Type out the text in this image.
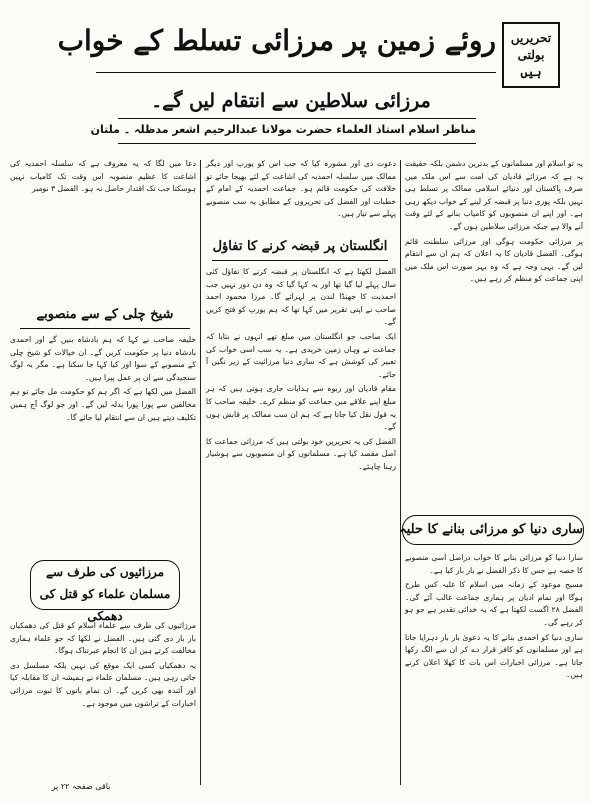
تحریریں
بولتی
ہیں
روئے زمین پر مرزائی تسلط کے خواب
مرزائی سلاطین سے انتقام لیں گے۔
مناظر اسلام استاذ العلماء حضرت مولانا عبدالرحیم اشعر مدظلہ ۔ ملتان

یہ تو اسلام اور مسلمانوں کے بدترین دشمن بلکہ حقیقت یہ ہے کہ مرزائے قادیان کی امت سے اس ملک میں صرف پاکستان اور دنیائے اسلامی ممالک پر تسلط ہی نہیں بلکہ پوری دنیا پر قبضہ کر لینے کے خواب دیکھ رہی ہے۔ اور اپنے ان منصوبوں کو کامیاب بنانے کے لئے وقت آنے والا ہے جبکہ مرزائی سلاطین ہوں گے۔

پر مرزائی حکومت ہوگی اور مرزائی سلطنت قائم ہوگی۔ الفضل قادیان کا یہ اعلان کہ ہم ان سے انتقام لیں گے۔ یہی وجہ ہے کہ وہ بہر صورت اس ملک میں اپنی جماعت کو منظم کر رہے ہیں۔

ساری دنیا کو مرزائی بنانے کا حلیہ

سارا دنیا کو مرزائی بنانے کا خواب دراصل اسی منصوبے کا حصہ ہے جس کا ذکر الفضل نے بار بار کیا ہے۔

مسیح موعود کے زمانہ میں اسلام کا غلبہ کس طرح ہوگا اور تمام ادیان پر ہماری جماعت غالب آئے گی۔ الفضل ۲۸ اگست لکھتا ہے کہ یہ خدائی تقدیر ہے جو ہو کر رہے گی۔

ساری دنیا کو احمدی بنانے کا یہ دعویٰ بار بار دہرایا جاتا ہے اور مسلمانوں کو کافر قرار دے کر ان سے الگ رکھا جاتا ہے۔ مرزائی اخبارات اس بات کا کھلا اعلان کرتے ہیں۔

دعوت دی اور مشورہ کیا کہ جب اس کو یورپ اور دیگر ممالک میں سلسلہ احمدیہ کی اشاعت کے لئے بھیجا جائے تو خلافت کی حکومت قائم ہو۔ جماعت احمدیہ کے امام کے خطبات اور الفضل کی تحریروں کے مطابق یہ سب منصوبے پہلے سے تیار ہیں۔

انگلستان پر قبضہ کرنے کا تفاؤل

الفضل لکھتا ہے کہ انگلستان پر قبضہ کرنے کا تفاؤل کئی سال پہلے لیا گیا تھا اور یہ کہا گیا کہ وہ دن دور نہیں جب احمدیت کا جھنڈا لندن پر لہرائے گا۔ مرزا محمود احمد صاحب نے اپنی تقریر میں کہا تھا کہ ہم یورپ کو فتح کریں گے۔

ایک صاحب جو انگلستان میں مبلغ تھے انہوں نے بتایا کہ جماعت نے وہاں زمین خریدی ہے۔ یہ سب اسی خواب کی تعبیر کی کوشش ہے کہ ساری دنیا مرزائیت کے زیر نگیں آ جائے۔

مقام قادیان اور ربوہ سے ہدایات جاری ہوتی ہیں کہ ہر مبلغ اپنے علاقے میں جماعت کو منظم کرے۔ خلیفہ صاحب کا یہ قول نقل کیا جاتا ہے کہ ہم ان سب ممالک پر قابض ہوں گے۔

الفضل کی یہ تحریریں خود بولتی ہیں کہ مرزائی جماعت کا اصل مقصد کیا ہے۔ مسلمانوں کو ان منصوبوں سے ہوشیار رہنا چاہئے۔

دعا میں لگا کہ یہ معروف ہے کہ سلسلہ احمدیہ کی اشاعت کا عظیم منصوبہ اس وقت تک کامیاب نہیں ہوسکتا جب تک اقتدار حاصل نہ ہو۔ الفضل ۳ نومبر

شیخ چلی کے سے منصوبے

خلیفہ صاحب نے کہا کہ ہم بادشاہ بنیں گے اور احمدی بادشاہ دنیا پر حکومت کریں گے۔ ان خیالات کو شیخ چلی کے منصوبے کے سوا اور کیا کہا جا سکتا ہے۔ مگر یہ لوگ سنجیدگی سے ان پر عمل پیرا ہیں۔

الفضل میں لکھا ہے کہ اگر ہم کو حکومت مل جائے تو ہم مخالفین سے پورا پورا بدلہ لیں گے۔ اور جو لوگ آج ہمیں تکلیف دیتے ہیں ان سے انتقام لیا جائے گا۔

مرزائیوں کی طرف سے مسلمان علماء کو قتل کی دھمکی

مرزائیوں کی طرف سے علماء اسلام کو قتل کی دھمکیاں بار بار دی گئی ہیں۔ الفضل نے لکھا کہ جو علماء ہماری مخالفت کرتے ہیں ان کا انجام عبرتناک ہوگا۔

یہ دھمکیاں کسی ایک موقع کی نہیں بلکہ مسلسل دی جاتی رہی ہیں۔ مسلمان علماء نے ہمیشہ ان کا مقابلہ کیا اور آئندہ بھی کریں گے۔ ان تمام باتوں کا ثبوت مرزائی اخبارات کے تراشوں میں موجود ہے۔

باقی صفحہ ۲۲ پر
